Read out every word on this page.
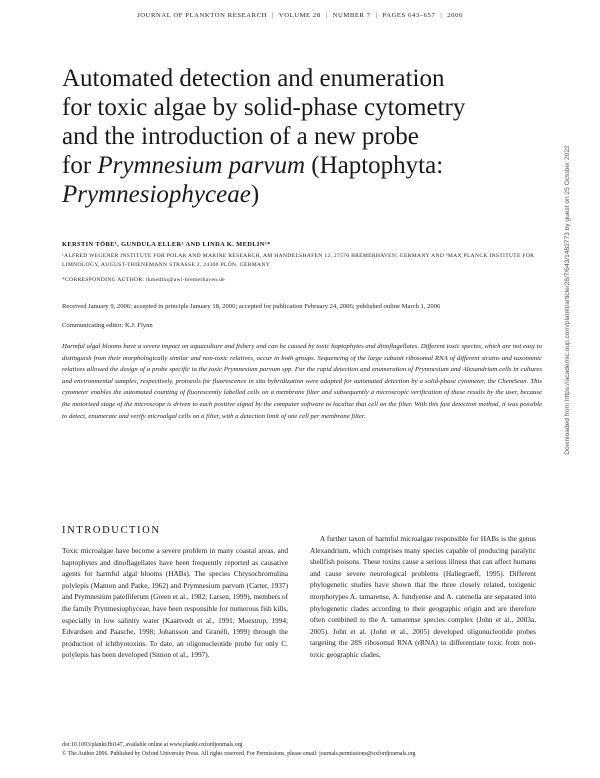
JOURNAL OF PLANKTON RESEARCH | VOLUME 28 | NUMBER 7 | PAGES 643–657 | 2006
Automated detection and enumeration
for toxic algae by solid-phase cytometry
and the introduction of a new probe
for Prymnesium parvum (Haptophyta:
Prymnesiophyceae)
KERSTIN TÖBE¹, GUNDULA ELLER² AND LINDA K. MEDLIN¹*
¹ALFRED WEGENER INSTITUTE FOR POLAR AND MARINE RESEARCH, AM HANDELSHAFEN 12, 27570 BREMERHAVEN, GERMANY AND ²MAX PLANCK INSTITUTE FOR LIMNOLOGY, AUGUST-THIENEMANN STRASSE 2, 24306 PLÖN, GERMANY
*CORRESPONDING AUTHOR: lkmedlin@awi-bremerhaven.de
Received January 9, 2006; accepted in principle January 18, 2006; accepted for publication February 24, 2006; published online March 1, 2006
Communicating editor: K.J. Flynn

Harmful algal blooms have a severe impact on aquaculture and fishery and can be caused by toxic haptophytes and dinoflagellates. Different toxic species, which are not easy to distinguish from their morphologically similar and non-toxic relatives, occur in both groups. Sequencing of the large subunit ribosomal RNA of different strains and taxonomic relatives allowed the design of a probe specific to the toxic Prymnesium parvum spp. For the rapid detection and enumeration of Prymnesium and Alexandrium cells in cultures and environmental samples, respectively, protocols for fluorescence in situ hybridization were adapted for automated detection by a solid-phase cytometer, the ChemScan. This cytometer enables the automated counting of fluorescently labelled cells on a membrane filter and subsequently a microscopic verification of these results by the user, because the motorized stage of the microscope is driven to each positive signal by the computer software to localize that cell on the filter. With this fast detection method, it was possible to detect, enumerate and verify microalgal cells on a filter, with a detection limit of one cell per membrane filter.

INTRODUCTION

Toxic microalgae have become a severe problem in many coastal areas, and haptophytes and dinoflagellates have been frequently reported as causative agents for harmful algal blooms (HABs). The species Chrysochromulina polylepis (Manton and Parke, 1962) and Prymnesium parvum (Carter, 1937) and Prymnesium patelliferum (Green et al., 1982; Larsen, 1999), members of the family Prymnesiophyceae, have been responsible for numerous fish kills, especially in low salinity water (Kaartvedt et al., 1991; Moestrup, 1994; Edvardsen and Paasche, 1998; Johansson and Granéli, 1999) through the production of ichthyotoxins. To date, an oligonucleotide probe for only C. polylepis has been developed (Simon et al., 1997).

A further taxon of harmful microalgae responsible for HABs is the genus Alexandrium, which comprises many species capable of producing paralytic shellfish poisons. These toxins cause a serious illness that can affect humans and cause severe neurological problems (Hallegraeff, 1995). Different phylogenetic studies have shown that the three closely related, toxigenic morphotypes A. tamarense, A. fundyense and A. catenella are separated into phylogenetic clades according to their geographic origin and are therefore often combined to the A. tamarense species complex (John et al., 2003a, 2005). John et al. (John et al., 2005) developed oligonucleotide probes targeting the 28S ribosomal RNA (rRNA) to differentiate toxic from non-toxic geographic clades,

doi:10.1093/plankt/fbi147, available online at www.plankt.oxfordjournals.org
© The Author 2006. Published by Oxford University Press. All rights reserved. For Permissions, please email: journals.permissions@oxfordjournals.org
Downloaded from https://academic.oup.com/plankt/article/28/7/643/1482773 by guest on 25 October 2022
